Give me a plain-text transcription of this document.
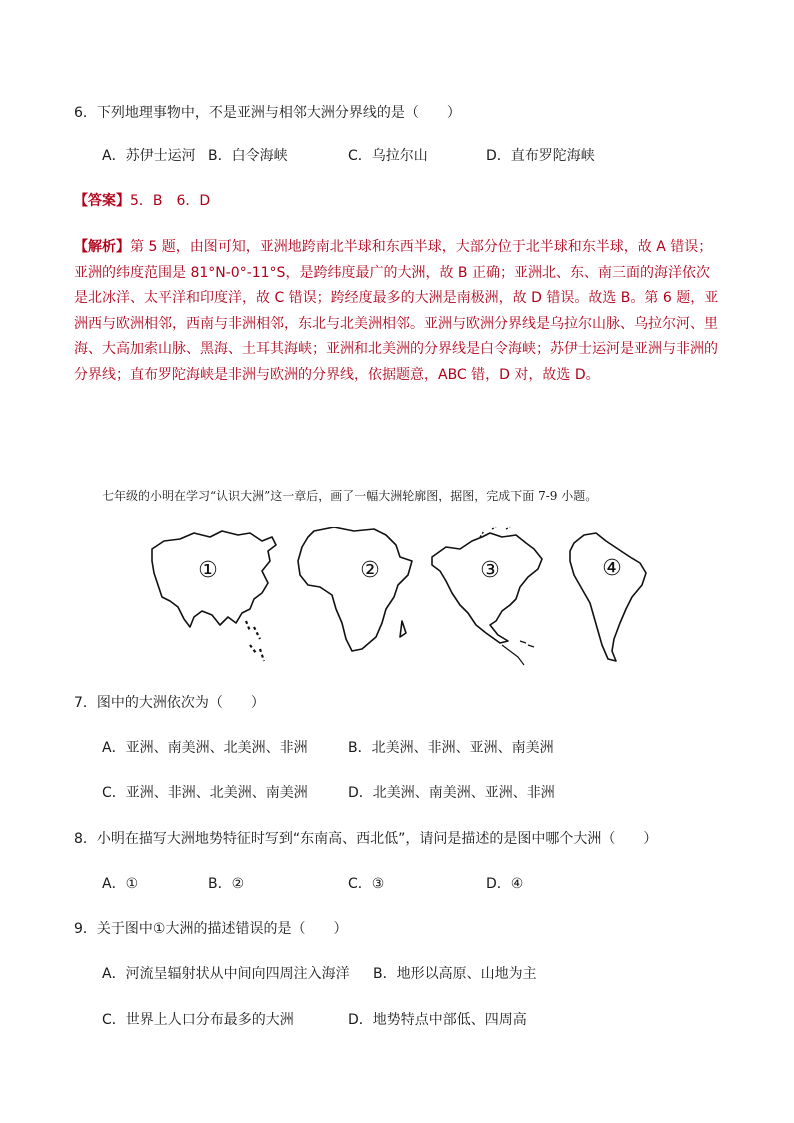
6．下列地理事物中，不是亚洲与相邻大洲分界线的是（　　）
A．苏伊士运河 B．白令海峡	C．乌拉尔山	D．直布罗陀海峡
【答案】5．B　6．D
【解析】第 5 题，由图可知，亚洲地跨南北半球和东西半球，大部分位于北半球和东半球，故 A 错误；亚洲的纬度范围是 81°N-0°-11°S，是跨纬度最广的大洲，故 B 正确；亚洲北、东、南三面的海洋依次是北冰洋、太平洋和印度洋，故 C 错误；跨经度最多的大洲是南极洲，故 D 错误。故选 B。第 6 题，亚洲西与欧洲相邻，西南与非洲相邻，东北与北美洲相邻。亚洲与欧洲分界线是乌拉尔山脉、乌拉尔河、里海、大高加索山脉、黑海、土耳其海峡；亚洲和北美洲的分界线是白令海峡；苏伊士运河是亚洲与非洲的分界线；直布罗陀海峡是非洲与欧洲的分界线，依据题意，ABC 错，D 对，故选 D。
七年级的小明在学习“认识大洲”这一章后，画了一幅大洲轮廓图，据图，完成下面 7-9 小题。
①	②	③	④
7．图中的大洲依次为（　　）
A．亚洲、南美洲、北美洲、非洲	B．北美洲、非洲、亚洲、南美洲
C．亚洲、非洲、北美洲、南美洲	D．北美洲、南美洲、亚洲、非洲
8．小明在描写大洲地势特征时写到“东南高、西北低”，请问是描述的是图中哪个大洲（　　）
A．①	B．②	C．③	D．④
9．关于图中①大洲的描述错误的是（　　）
A．河流呈辐射状从中间向四周注入海洋 B．地形以高原、山地为主
C．世界上人口分布最多的大洲	D．地势特点中部低、四周高
